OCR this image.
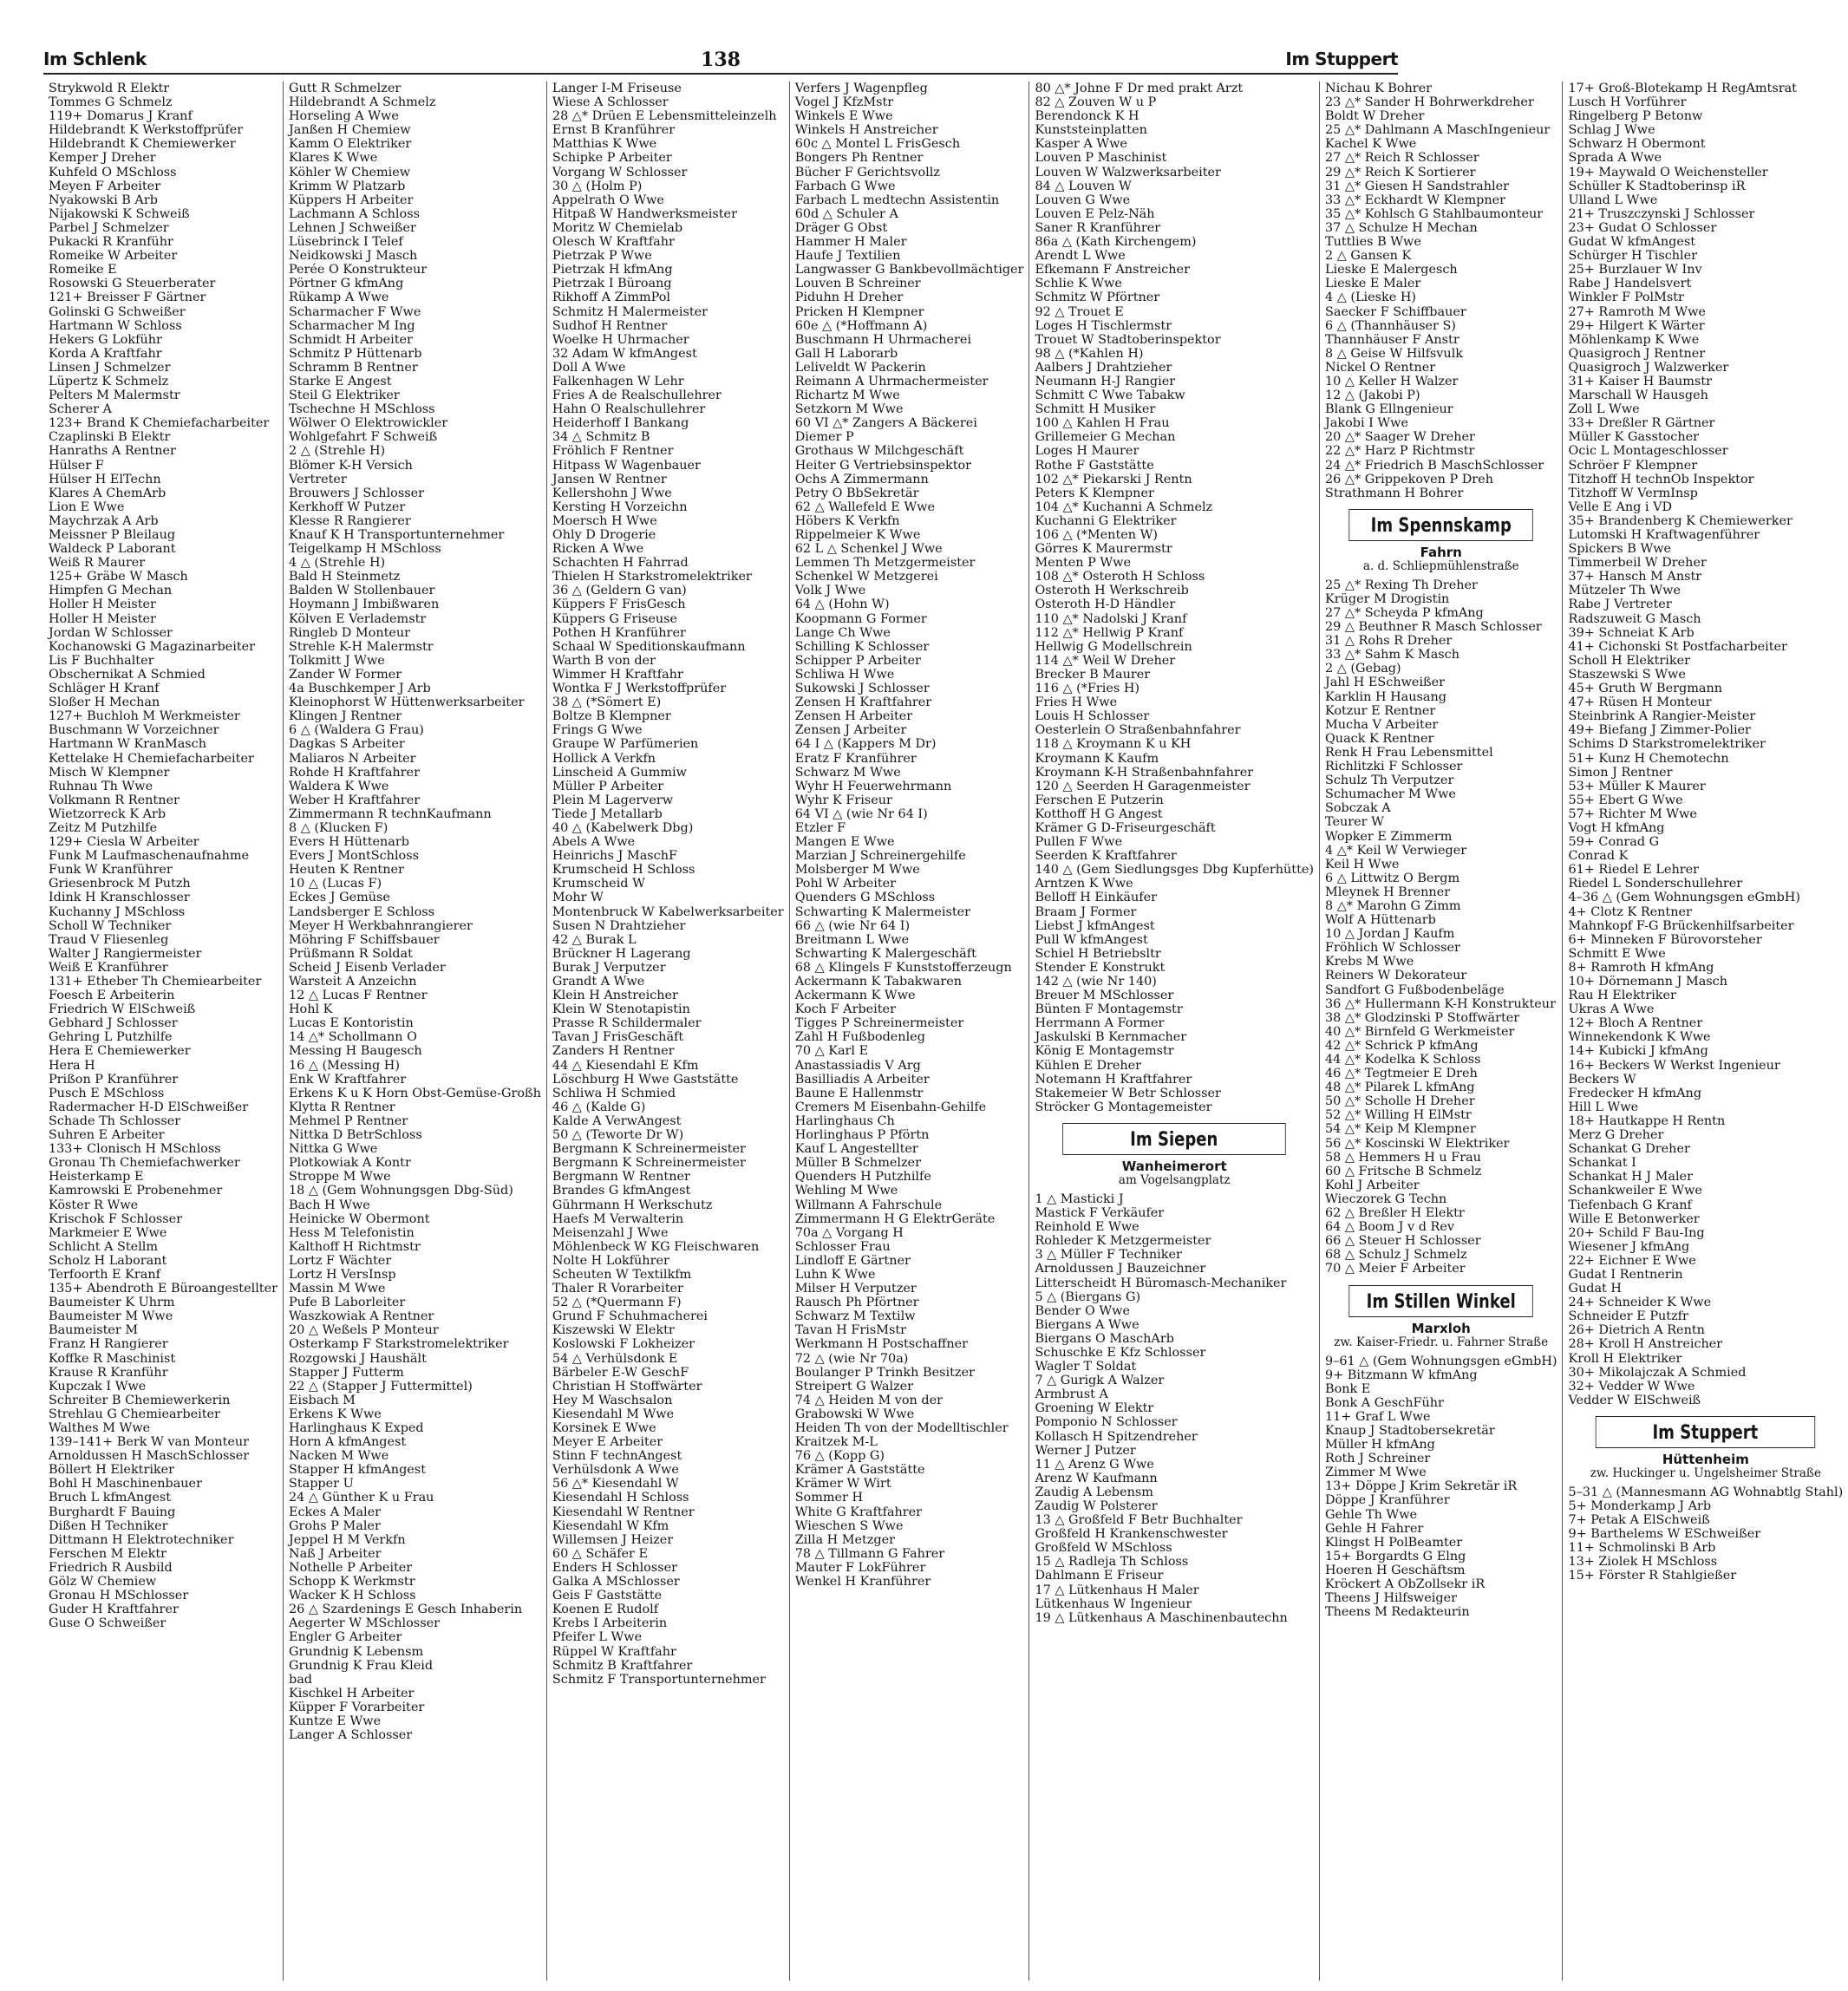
Im Schlenk	138	Im Stuppert
Strykwold R Elektr
Tommes G Schmelz
119+ Domarus J Kranf
Hildebrandt K Werkstoffprüfer
Hildebrandt K Chemiewerker
Kemper J Dreher
Kuhfeld O MSchloss
Meyen F Arbeiter
Nyakowski B Arb
Nijakowski K Schweiß
Parbel J Schmelzer
Pukacki R Kranführ
Romeike W Arbeiter
Romeike E
Rosowski G Steuerberater
121+ Breisser F Gärtner
Golinski G Schweißer
Hartmann W Schloss
Hekers G Lokführ
Korda A Kraftfahr
Linsen J Schmelzer
Lüpertz K Schmelz
Pelters M Malermstr
Scherer A
123+ Brand K Chemiefacharbeiter
Czaplinski B Elektr
Hanraths A Rentner
Hülser F
Hülser H ElTechn
Klares A ChemArb
Lion E Wwe
Maychrzak A Arb
Meissner P Bleilaug
Waldeck P Laborant
Weiß R Maurer
125+ Gräbe W Masch
Himpfen G Mechan
Holler H Meister
Holler H Meister
Jordan W Schlosser
Kochanowski G Magazinarbeiter
Lis F Buchhalter
Obschernikat A Schmied
Schläger H Kranf
Sloßer H Mechan
127+ Buchloh M Werkmeister
Buschmann W Vorzeichner
Hartmann W KranMasch
Kettelake H Chemiefacharbeiter
Misch W Klempner
Ruhnau Th Wwe
Volkmann R Rentner
Wietzorreck K Arb
Zeitz M Putzhilfe
129+ Ciesla W Arbeiter
Funk M Laufmaschenaufnahme
Funk W Kranführer
Griesenbrock M Putzh
Idink H Kranschlosser
Kuchanny J MSchloss
Scholl W Techniker
Traud V Fliesenleg
Walter J Rangiermeister
Weiß E Kranführer
131+ Etheber Th Chemiearbeiter
Foesch E Arbeiterin
Friedrich W ElSchweiß
Gebhard J Schlosser
Gehring L Putzhilfe
Hera E Chemiewerker
Hera H
Prißon P Kranführer
Pusch E MSchloss
Radermacher H-D ElSchweißer
Schade Th Schlosser
Suhren E Arbeiter
133+ Clonisch H MSchloss
Gronau Th Chemiefachwerker
Heisterkamp E
Kamrowski E Probenehmer
Köster R Wwe
Krischok F Schlosser
Markmeier E Wwe
Schlicht A Stellm
Scholz H Laborant
Terfoorth E Kranf
135+ Abendroth E Büroangestellter
Baumeister K Uhrm
Baumeister M Wwe
Baumeister M
Franz H Rangierer
Koffke R Maschinist
Krause R Kranführ
Kupczak I Wwe
Schreiter B Chemiewerkerin
Strehlau G Chemiearbeiter
Walthes M Wwe
139–141+ Berk W van Monteur
Arnoldussen H MaschSchlosser
Böllert H Elektriker
Bohl H Maschinenbauer
Bruch L kfmAngest
Burghardt F Bauing
Dißen H Techniker
Dittmann H Elektrotechniker
Ferschen M Elektr
Friedrich R Ausbild
Gölz W Chemiew
Gronau H MSchlosser
Guder H Kraftfahrer
Guse O Schweißer
Gutt R Schmelzer
Hildebrandt A Schmelz
Horseling A Wwe
Janßen H Chemiew
Kamm O Elektriker
Klares K Wwe
Köhler W Chemiew
Krimm W Platzarb
Küppers H Arbeiter
Lachmann A Schloss
Lehnen J Schweißer
Lüsebrinck I Telef
Neidkowski J Masch
Perée O Konstrukteur
Pörtner G kfmAng
Rükamp A Wwe
Scharmacher F Wwe
Scharmacher M Ing
Schmidt H Arbeiter
Schmitz P Hüttenarb
Schramm B Rentner
Starke E Angest
Steil G Elektriker
Tschechne H MSchloss
Wölwer O Elektrowickler
Wohlgefahrt F Schweiß
2 △ (Strehle H)
Blömer K-H Versich
Vertreter
Brouwers J Schlosser
Kerkhoff W Putzer
Klesse R Rangierer
Knauf K H Transportunternehmer
Teigelkamp H MSchloss
4 △ (Strehle H)
Bald H Steinmetz
Balden W Stollenbauer
Hoymann J Imbißwaren
Kölven E Verlademstr
Ringleb D Monteur
Strehle K-H Malermstr
Tolkmitt J Wwe
Zander W Former
4a Buschkemper J Arb
Kleinophorst W Hüttenwerksarbeiter
Klingen J Rentner
6 △ (Waldera G Frau)
Dagkas S Arbeiter
Maliaros N Arbeiter
Rohde H Kraftfahrer
Waldera K Wwe
Weber H Kraftfahrer
Zimmermann R technKaufmann
8 △ (Klucken F)
Evers H Hüttenarb
Evers J MontSchloss
Heuten K Rentner
10 △ (Lucas F)
Eckes J Gemüse
Landsberger E Schloss
Meyer H Werkbahnrangierer
Möhring F Schiffsbauer
Prüßmann R Soldat
Scheid J Eisenb Verlader
Warsteit A Anzeichn
12 △ Lucas F Rentner
Hohl K
Lucas E Kontoristin
14 △* Schollmann O
Messing H Baugesch
16 △ (Messing H)
Enk W Kraftfahrer
Erkens K u K Horn Obst-Gemüse-Großh
Klytta R Rentner
Mehmel P Rentner
Nittka D BetrSchloss
Nittka G Wwe
Plotkowiak A Kontr
Stroppe M Wwe
18 △ (Gem Wohnungsgen Dbg-Süd)
Bach H Wwe
Heinicke W Obermont
Hess M Telefonistin
Kalthoff H Richtmstr
Lortz F Wächter
Lortz H VersInsp
Massin M Wwe
Pufe B Laborleiter
Waszkowiak A Rentner
20 △ Weßels P Monteur
Osterkamp F Starkstromelektriker
Rozgowski J Haushält
Stapper J Futterm
22 △ (Stapper J Futtermittel)
Eisbach M
Erkens K Wwe
Harlinghaus K Exped
Horn A kfmAngest
Nacken M Wwe
Stapper H kfmAngest
Stapper U
24 △ Günther K u Frau
Eckes A Maler
Grohs P Maler
Jeppel H M Verkfn
Naß J Arbeiter
Nothelle P Arbeiter
Schopp K Werkmstr
Wacker K H Schloss
26 △ Szardenings E Gesch Inhaberin
Aegerter W MSchlosser
Engler G Arbeiter
Grundnig K Lebensm
Grundnig K Frau Kleid
bad
Kischkel H Arbeiter
Küpper F Vorarbeiter
Kuntze E Wwe
Langer A Schlosser
Langer I-M Friseuse
Wiese A Schlosser
28 △* Drüen E Lebensmitteleinzelh
Ernst B Kranführer
Matthias K Wwe
Schipke P Arbeiter
Vorgang W Schlosser
30 △ (Holm P)
Appelrath O Wwe
Hitpaß W Handwerksmeister
Moritz W Chemielab
Olesch W Kraftfahr
Pietrzak P Wwe
Pietrzak H kfmAng
Pietrzak I Büroang
Rikhoff A ZimmPol
Schmitz H Malermeister
Sudhof H Rentner
Woelke H Uhrmacher
32 Adam W kfmAngest
Doll A Wwe
Falkenhagen W Lehr
Fries A de Realschullehrer
Hahn O Realschullehrer
Heiderhoff I Bankang
34 △ Schmitz B
Fröhlich F Rentner
Hitpass W Wagenbauer
Jansen W Rentner
Kellershohn J Wwe
Kersting H Vorzeichn
Moersch H Wwe
Ohly D Drogerie
Ricken A Wwe
Schachten H Fahrrad
Thielen H Starkstromelektriker
36 △ (Geldern G van)
Küppers F FrisGesch
Küppers G Friseuse
Pothen H Kranführer
Schaal W Speditionskaufmann
Warth B von der
Wimmer H Kraftfahr
Wontka F J Werkstoffprüfer
38 △ (*Sömert E)
Boltze B Klempner
Frings G Wwe
Graupe W Parfümerien
Hollick A Verkfn
Linscheid A Gummiw
Müller P Arbeiter
Plein M Lagerverw
Tiede J Metallarb
40 △ (Kabelwerk Dbg)
Abels A Wwe
Heinrichs J MaschF
Krumscheid H Schloss
Krumscheid W
Mohr W
Montenbruck W Kabelwerksarbeiter
Susen N Drahtzieher
42 △ Burak L
Brückner H Lagerang
Burak J Verputzer
Grandt A Wwe
Klein H Anstreicher
Klein W Stenotapistin
Prasse R Schildermaler
Tavan J FrisGeschäft
Zanders H Rentner
44 △ Kiesendahl E Kfm
Löschburg H Wwe Gaststätte
Schliwa H Schmied
46 △ (Kalde G)
Kalde A VerwAngest
50 △ (Teworte Dr W)
Bergmann K Schreinermeister
Bergmann K Schreinermeister
Bergmann W Rentner
Brandes G kfmAngest
Gührmann H Werkschutz
Haefs M Verwalterin
Meisenzahl J Wwe
Möhlenbeck W KG Fleischwaren
Nolte H Lokführer
Scheuten W Textilkfm
Thaler R Vorarbeiter
52 △ (*Quermann F)
Grund F Schuhmacherei
Kiszewski W Elektr
Koslowski F Lokheizer
54 △ Verhülsdonk E
Bärbeler E-W GeschF
Christian H Stoffwärter
Hey M Waschsalon
Kiesendahl M Wwe
Korsinek E Wwe
Meyer E Arbeiter
Stinn F technAngest
Verhülsdonk A Wwe
56 △* Kiesendahl W
Kiesendahl H Schloss
Kiesendahl W Rentner
Kiesendahl W Kfm
Willemsen J Heizer
60 △ Schäfer E
Enders H Schlosser
Galka A MSchlosser
Geis F Gaststätte
Koenen E Rudolf
Krebs I Arbeiterin
Pfeifer L Wwe
Rüppel W Kraftfahr
Schmitz B Kraftfahrer
Schmitz F Transportunternehmer
Verfers J Wagenpfleg
Vogel J KfzMstr
Winkels E Wwe
Winkels H Anstreicher
60c △ Montel L FrisGesch
Bongers Ph Rentner
Bücher F Gerichtsvollz
Farbach G Wwe
Farbach L medtechn Assistentin
60d △ Schuler A
Dräger G Obst
Hammer H Maler
Haufe J Textilien
Langwasser G Bankbevollmächtiger
Louven B Schreiner
Piduhn H Dreher
Pricken H Klempner
60e △ (*Hoffmann A)
Buschmann H Uhrmacherei
Gall H Laborarb
Leliveldt W Packerin
Reimann A Uhrmachermeister
Richartz M Wwe
Setzkorn M Wwe
60 VI △* Zangers A Bäckerei
Diemer P
Grothaus W Milchgeschäft
Heiter G Vertriebsinspektor
Ochs A Zimmermann
Petry O BbSekretär
62 △ Wallefeld E Wwe
Höbers K Verkfn
Rippelmeier K Wwe
62 L △ Schenkel J Wwe
Lemmen Th Metzgermeister
Schenkel W Metzgerei
Volk J Wwe
64 △ (Hohn W)
Koopmann G Former
Lange Ch Wwe
Schilling K Schlosser
Schipper P Arbeiter
Schliwa H Wwe
Sukowski J Schlosser
Zensen H Kraftfahrer
Zensen H Arbeiter
Zensen J Arbeiter
64 I △ (Kappers M Dr)
Eratz F Kranführer
Schwarz M Wwe
Wyhr H Feuerwehrmann
Wyhr K Friseur
64 VI △ (wie Nr 64 I)
Etzler F
Mangen E Wwe
Marzian J Schreinergehilfe
Molsberger M Wwe
Pohl W Arbeiter
Quenders G MSchloss
Schwarting K Malermeister
66 △ (wie Nr 64 I)
Breitmann L Wwe
Schwarting K Malergeschäft
68 △ Klingels F Kunststofferzeugn
Ackermann K Tabakwaren
Ackermann K Wwe
Koch F Arbeiter
Tigges P Schreinermeister
Zahl H Fußbodenleg
70 △ Karl E
Anastassiadis V Arg
Basilliadis A Arbeiter
Baune E Hallenmstr
Cremers M Eisenbahn-Gehilfe
Harlinghaus Ch
Horlinghaus P Pförtn
Kauf L Angestellter
Müller B Schmelzer
Quenders H Putzhilfe
Wehling M Wwe
Willmann A Fahrschule
Zimmermann H G ElektrGeräte
70a △ Vorgang H
Schlosser Frau
Lindloff E Gärtner
Luhn K Wwe
Milser H Verputzer
Rausch Ph Pförtner
Schwarz M Textilw
Tavan H FrisMstr
Werkmann H Postschaffner
72 △ (wie Nr 70a)
Boulanger P Trinkh Besitzer
Streipert G Walzer
74 △ Heiden M von der
Grabowski W Wwe
Heiden Th von der Modelltischler
Kraitzek M-L
76 △ (Kopp G)
Krämer A Gaststätte
Krämer W Wirt
Sommer H
White G Kraftfahrer
Wieschen S Wwe
Zilla H Metzger
78 △ Tillmann G Fahrer
Mauter F LokFührer
Wenkel H Kranführer
80 △* Johne F Dr med prakt Arzt
82 △ Zouven W u P
Berendonck K H
Kunststeinplatten
Kasper A Wwe
Louven P Maschinist
Louven W Walzwerksarbeiter
84 △ Louven W
Louven G Wwe
Louven E Pelz-Näh
Saner R Kranführer
86a △ (Kath Kirchengem)
Arendt L Wwe
Efkemann F Anstreicher
Schlie K Wwe
Schmitz W Pförtner
92 △ Trouet E
Loges H Tischlermstr
Trouet W Stadtoberinspektor
98 △ (*Kahlen H)
Aalbers J Drahtzieher
Neumann H-J Rangier
Schmitt C Wwe Tabakw
Schmitt H Musiker
100 △ Kahlen H Frau
Grillemeier G Mechan
Loges H Maurer
Rothe F Gaststätte
102 △* Piekarski J Rentn
Peters K Klempner
104 △* Kuchanni A Schmelz
Kuchanni G Elektriker
106 △ (*Menten W)
Görres K Maurermstr
Menten P Wwe
108 △* Osteroth H Schloss
Osteroth H Werkschreib
Osteroth H-D Händler
110 △* Nadolski J Kranf
112 △* Hellwig P Kranf
Hellwig G Modellschrein
114 △* Weil W Dreher
Brecker B Maurer
116 △ (*Fries H)
Fries H Wwe
Louis H Schlosser
Oesterlein O Straßenbahnfahrer
118 △ Kroymann K u KH
Kroymann K Kaufm
Kroymann K-H Straßenbahnfahrer
120 △ Seerden H Garagenmeister
Ferschen E Putzerin
Kotthoff H G Angest
Krämer G D-Friseurgeschäft
Pullen F Wwe
Seerden K Kraftfahrer
140 △ (Gem Siedlungsges Dbg Kupferhütte)
Arntzen K Wwe
Belloff H Einkäufer
Braam J Former
Liebst J kfmAngest
Pull W kfmAngest
Schiel H Betriebsltr
Stender E Konstrukt
142 △ (wie Nr 140)
Breuer M MSchlosser
Bünten F Montagemstr
Herrmann A Former
Jaskulski B Kernmacher
König E Montagemstr
Kühlen E Dreher
Notemann H Kraftfahrer
Stakemeier W Betr Schlosser
Ströcker G Montagemeister
Im Siepen
Wanheimerort
am Vogelsangplatz
1 △ Masticki J
Mastick F Verkäufer
Reinhold E Wwe
Rohleder K Metzgermeister
3 △ Müller F Techniker
Arnoldussen J Bauzeichner
Litterscheidt H Büromasch-Mechaniker
5 △ (Biergans G)
Bender O Wwe
Biergans A Wwe
Biergans O MaschArb
Schuschke E Kfz Schlosser
Wagler T Soldat
7 △ Gurigk A Walzer
Armbrust A
Groening W Elektr
Pomponio N Schlosser
Kollasch H Spitzendreher
Werner J Putzer
11 △ Arenz G Wwe
Arenz W Kaufmann
Zaudig A Lebensm
Zaudig W Polsterer
13 △ Großfeld F Betr Buchhalter
Großfeld H Krankenschwester
Großfeld W MSchloss
15 △ Radleja Th Schloss
Dahlmann E Friseur
17 △ Lütkenhaus H Maler
Lütkenhaus W Ingenieur
19 △ Lütkenhaus A Maschinenbautechn
Nichau K Bohrer
23 △* Sander H Bohrwerkdreher
Boldt W Dreher
25 △* Dahlmann A MaschIngenieur
Kachel K Wwe
27 △* Reich R Schlosser
29 △* Reich K Sortierer
31 △* Giesen H Sandstrahler
33 △* Eckhardt W Klempner
35 △* Kohlsch G Stahlbaumonteur
37 △ Schulze H Mechan
Tuttlies B Wwe
2 △ Gansen K
Lieske E Malergesch
Lieske E Maler
4 △ (Lieske H)
Saecker F Schiffbauer
6 △ (Thannhäuser S)
Thannhäuser F Anstr
8 △ Geise W Hilfsvulk
Nickel O Rentner
10 △ Keller H Walzer
12 △ (Jakobi P)
Blank G Ellngenieur
Jakobi I Wwe
20 △* Saager W Dreher
22 △* Harz P Richtmstr
24 △* Friedrich B MaschSchlosser
26 △* Grippekoven P Dreh
Strathmann H Bohrer
Im Spennskamp
Fahrn
a. d. Schliepmühlenstraße
25 △* Rexing Th Dreher
Krüger M Drogistin
27 △* Scheyda P kfmAng
29 △ Beuthner R Masch Schlosser
31 △ Rohs R Dreher
33 △* Sahm K Masch
2 △ (Gebag)
Jahl H ESchweißer
Karklin H Hausang
Kotzur E Rentner
Mucha V Arbeiter
Quack K Rentner
Renk H Frau Lebensmittel
Richlitzki F Schlosser
Schulz Th Verputzer
Schumacher M Wwe
Sobczak A
Teurer W
Wopker E Zimmerm
4 △* Keil W Verwieger
Keil H Wwe
6 △ Littwitz O Bergm
Mleynek H Brenner
8 △* Marohn G Zimm
Wolf A Hüttenarb
10 △ Jordan J Kaufm
Fröhlich W Schlosser
Krebs M Wwe
Reiners W Dekorateur
Sandfort G Fußbodenbeläge
36 △* Hullermann K-H Konstrukteur
38 △* Glodzinski P Stoffwärter
40 △* Birnfeld G Werkmeister
42 △* Schrick P kfmAng
44 △* Kodelka K Schloss
46 △* Tegtmeier E Dreh
48 △* Pilarek L kfmAng
50 △* Scholle H Dreher
52 △* Willing H ElMstr
54 △* Keip M Klempner
56 △* Koscinski W Elektriker
58 △ Hemmers H u Frau
60 △ Fritsche B Schmelz
Kohl J Arbeiter
Wieczorek G Techn
62 △ Breßler H Elektr
64 △ Boom J v d Rev
66 △ Steuer H Schlosser
68 △ Schulz J Schmelz
70 △ Meier F Arbeiter
Im Stillen Winkel
Marxloh
zw. Kaiser-Friedr. u. Fahrner Straße
9–61 △ (Gem Wohnungsgen eGmbH)
9+ Bitzmann W kfmAng
Bonk E
Bonk A GeschFühr
11+ Graf L Wwe
Knaup J Stadtobersekretär
Müller H kfmAng
Roth J Schreiner
Zimmer M Wwe
13+ Döppe J Krim Sekretär iR
Döppe J Kranführer
Gehle Th Wwe
Gehle H Fahrer
Klingst H PolBeamter
15+ Borgardts G Elng
Hoeren H Geschäftsm
Kröckert A ObZollsekr iR
Theens J Hilfsweiger
Theens M Redakteurin
17+ Groß-Blotekamp H RegAmtsrat
Lusch H Vorführer
Ringelberg P Betonw
Schlag J Wwe
Schwarz H Obermont
Sprada A Wwe
19+ Maywald O Weichensteller
Schüller K Stadtoberinsp iR
Ulland L Wwe
21+ Truszczynski J Schlosser
23+ Gudat O Schlosser
Gudat W kfmAngest
Schürger H Tischler
25+ Burzlauer W Inv
Rabe J Handelsvert
Winkler F PolMstr
27+ Ramroth M Wwe
29+ Hilgert K Wärter
Möhlenkamp K Wwe
Quasigroch J Rentner
Quasigroch J Walzwerker
31+ Kaiser H Baumstr
Marschall W Hausgeh
Zoll L Wwe
33+ Dreßler R Gärtner
Müller K Gasstocher
Ocic L Montageschlosser
Schröer F Klempner
Titzhoff H technOb Inspektor
Titzhoff W VermInsp
Velle E Ang i VD
35+ Brandenberg K Chemiewerker
Lutomski H Kraftwagenführer
Spickers B Wwe
Timmerbeil W Dreher
37+ Hansch M Anstr
Mützeler Th Wwe
Rabe J Vertreter
Radszuweit G Masch
39+ Schneiat K Arb
41+ Cichonski St Postfacharbeiter
Scholl H Elektriker
Staszewski S Wwe
45+ Gruth W Bergmann
47+ Rüsen H Monteur
Steinbrink A Rangier-Meister
49+ Biefang J Zimmer-Polier
Schims D Starkstromelektriker
51+ Kunz H Chemotechn
Simon J Rentner
53+ Müller K Maurer
55+ Ebert G Wwe
57+ Richter M Wwe
Vogt H kfmAng
59+ Conrad G
Conrad K
61+ Riedel E Lehrer
Riedel L Sonderschullehrer
4–36 △ (Gem Wohnungsgen eGmbH)
4+ Clotz K Rentner
Mahnkopf F-G Brückenhilfsarbeiter
6+ Minneken F Bürovorsteher
Schmitt E Wwe
8+ Ramroth H kfmAng
10+ Dörnemann J Masch
Rau H Elektriker
Ukras A Wwe
12+ Bloch A Rentner
Winnekendonk K Wwe
14+ Kubicki J kfmAng
16+ Beckers W Werkst Ingenieur
Beckers W
Fredecker H kfmAng
Hill L Wwe
18+ Hautkappe H Rentn
Merz G Dreher
Schankat G Dreher
Schankat I
Schankat H J Maler
Schankweiler E Wwe
Tiefenbach G Kranf
Wille E Betonwerker
20+ Schild F Bau-Ing
Wiesener J kfmAng
22+ Eichner E Wwe
Gudat I Rentnerin
Gudat H
24+ Schneider K Wwe
Schneider E Putzfr
26+ Dietrich A Rentn
28+ Kroll H Anstreicher
Kroll H Elektriker
30+ Mikolajczak A Schmied
32+ Vedder W Wwe
Vedder W ElSchweiß
Im Stuppert
Hüttenheim
zw. Huckinger u. Ungelsheimer Straße
5–31 △ (Mannesmann AG Wohnabtlg Stahl)
5+ Monderkamp J Arb
7+ Petak A ElSchweiß
9+ Barthelems W ESchweißer
11+ Schmolinski B Arb
13+ Ziolek H MSchloss
15+ Förster R Stahlgießer
